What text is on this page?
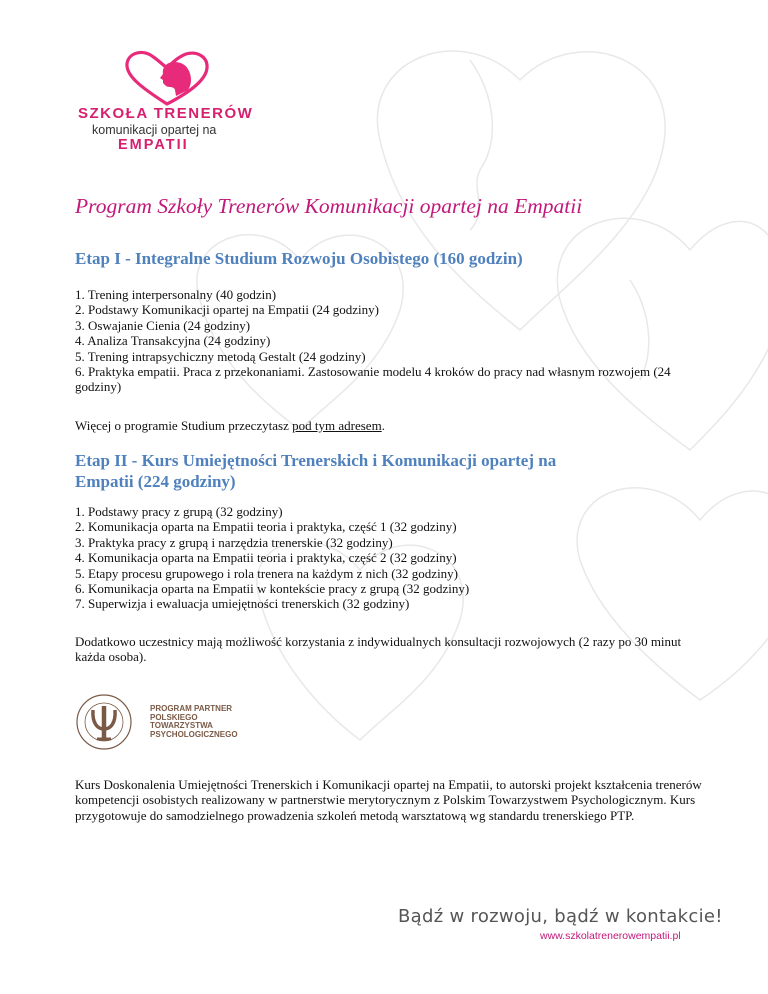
SZKOŁA TRENERÓW
komunikacji opartej na
EMPATII
Program Szkoły Trenerów Komunikacji opartej na Empatii
Etap I - Integralne Studium Rozwoju Osobistego (160 godzin)
1. Trening interpersonalny (40 godzin)
2. Podstawy Komunikacji opartej na Empatii (24 godziny)
3. Oswajanie Cienia (24 godziny)
4. Analiza Transakcyjna (24 godziny)
5. Trening intrapsychiczny metodą Gestalt (24 godziny)
6. Praktyka empatii. Praca z przekonaniami. Zastosowanie modelu 4 kroków do pracy nad własnym rozwojem (24 godziny)

Więcej o programie Studium przeczytasz pod tym adresem.

Etap II - Kurs Umiejętności Trenerskich i Komunikacji opartej na
Empatii (224 godziny)
1. Podstawy pracy z grupą (32 godziny)
2. Komunikacja oparta na Empatii teoria i praktyka, część 1 (32 godziny)
3. Praktyka pracy z grupą i narzędzia trenerskie (32 godziny)
4. Komunikacja oparta na Empatii teoria i praktyka, część 2 (32 godziny)
5. Etapy procesu grupowego i rola trenera na każdym z nich (32 godziny)
6. Komunikacja oparta na Empatii w kontekście pracy z grupą (32 godziny)
7. Superwizja i ewaluacja umiejętności trenerskich (32 godziny)

Dodatkowo uczestnicy mają możliwość korzystania z indywidualnych konsultacji rozwojowych (2 razy po 30 minut każda osoba).

PROGRAM PARTNER
POLSKIEGO
TOWARZYSTWA
PSYCHOLOGICZNEGO

Kurs Doskonalenia Umiejętności Trenerskich i Komunikacji opartej na Empatii, to autorski projekt kształcenia trenerów kompetencji osobistych realizowany w partnerstwie merytorycznym z Polskim Towarzystwem Psychologicznym. Kurs przygotowuje do samodzielnego prowadzenia szkoleń metodą warsztatową wg standardu trenerskiego PTP.

Bądź w rozwoju, bądź w kontakcie!
www.szkolatrenerowempatii.pl
